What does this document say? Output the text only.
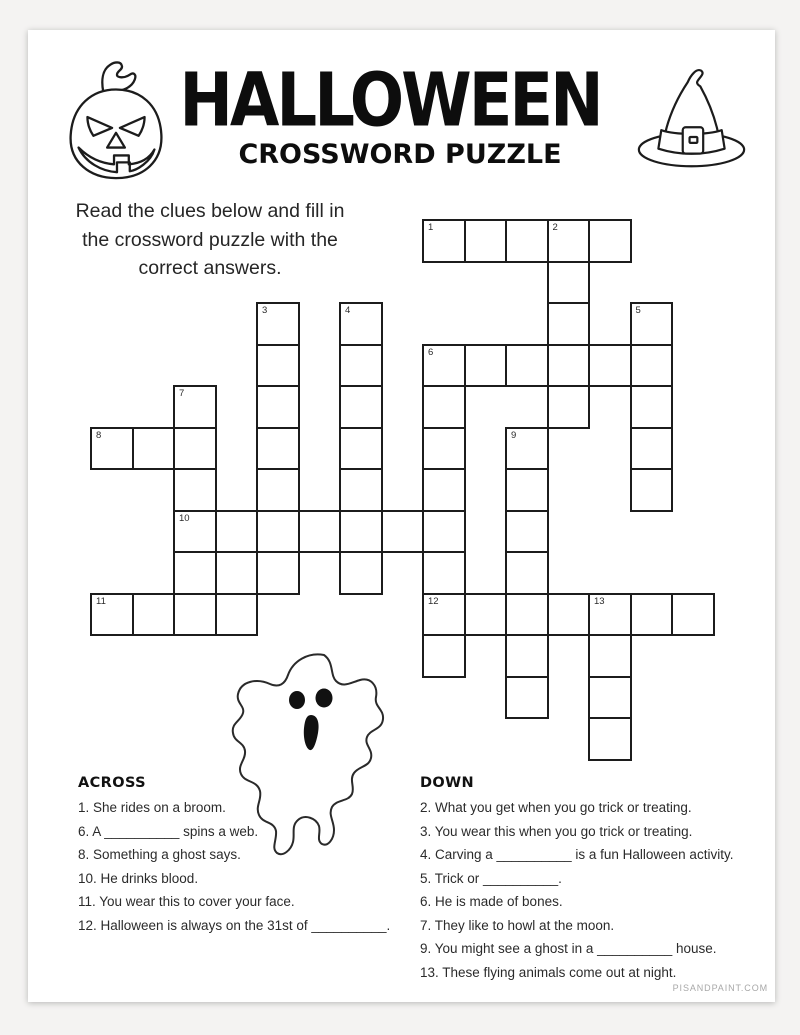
HALLOWEEN
CROSSWORD PUZZLE
Read the clues below and fill in
the crossword puzzle with the
correct answers.
1	2
3	4	5
6
7
8	9
10
11	12	13
ACROSS
1. She rides on a broom.
6. A __________ spins a web.
8. Something a ghost says.
10. He drinks blood.
11. You wear this to cover your face.
12. Halloween is always on the 31st of __________.
DOWN
2. What you get when you go trick or treating.
3. You wear this when you go trick or treating.
4. Carving a __________ is a fun Halloween activity.
5. Trick or __________.
6. He is made of bones.
7. They like to howl at the moon.
9. You might see a ghost in a __________ house.
13. These flying animals come out at night.
PISANDPAINT.COM
